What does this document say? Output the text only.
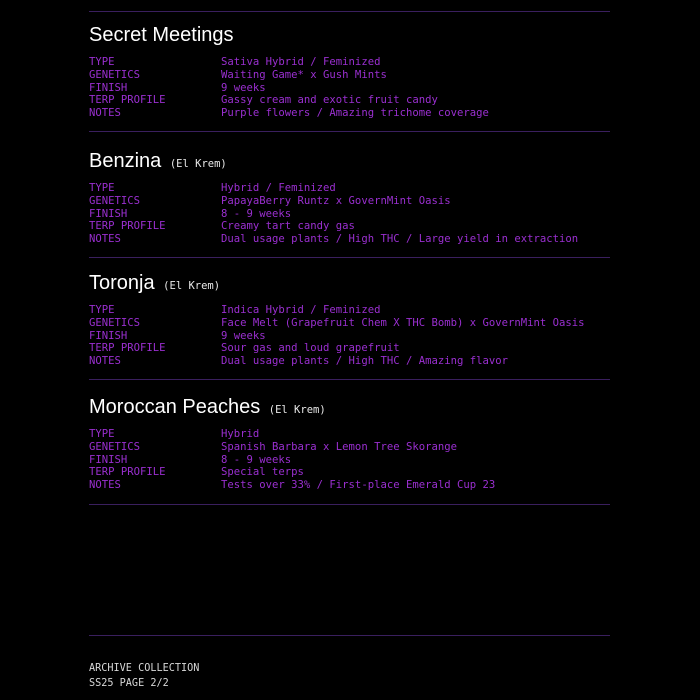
Secret Meetings
TYPE	Sativa Hybrid / Feminized
GENETICS	Waiting Game* x Gush Mints
FINISH	9 weeks
TERP PROFILE	Gassy cream and exotic fruit candy
NOTES	Purple flowers / Amazing trichome coverage
Benzina (El Krem)
TYPE	Hybrid / Feminized
GENETICS	PapayaBerry Runtz x GovernMint Oasis
FINISH	8 - 9 weeks
TERP PROFILE	Creamy tart candy gas
NOTES	Dual usage plants / High THC / Large yield in extraction
Toronja (El Krem)
TYPE	Indica Hybrid / Feminized
GENETICS	Face Melt (Grapefruit Chem X THC Bomb) x GovernMint Oasis
FINISH	9 weeks
TERP PROFILE	Sour gas and loud grapefruit
NOTES	Dual usage plants / High THC / Amazing flavor
Moroccan Peaches (El Krem)
TYPE	Hybrid
GENETICS	Spanish Barbara x Lemon Tree Skorange
FINISH	8 - 9 weeks
TERP PROFILE	Special terps
NOTES	Tests over 33% / First-place Emerald Cup 23
ARCHIVE COLLECTION
SS25 PAGE 2/2
